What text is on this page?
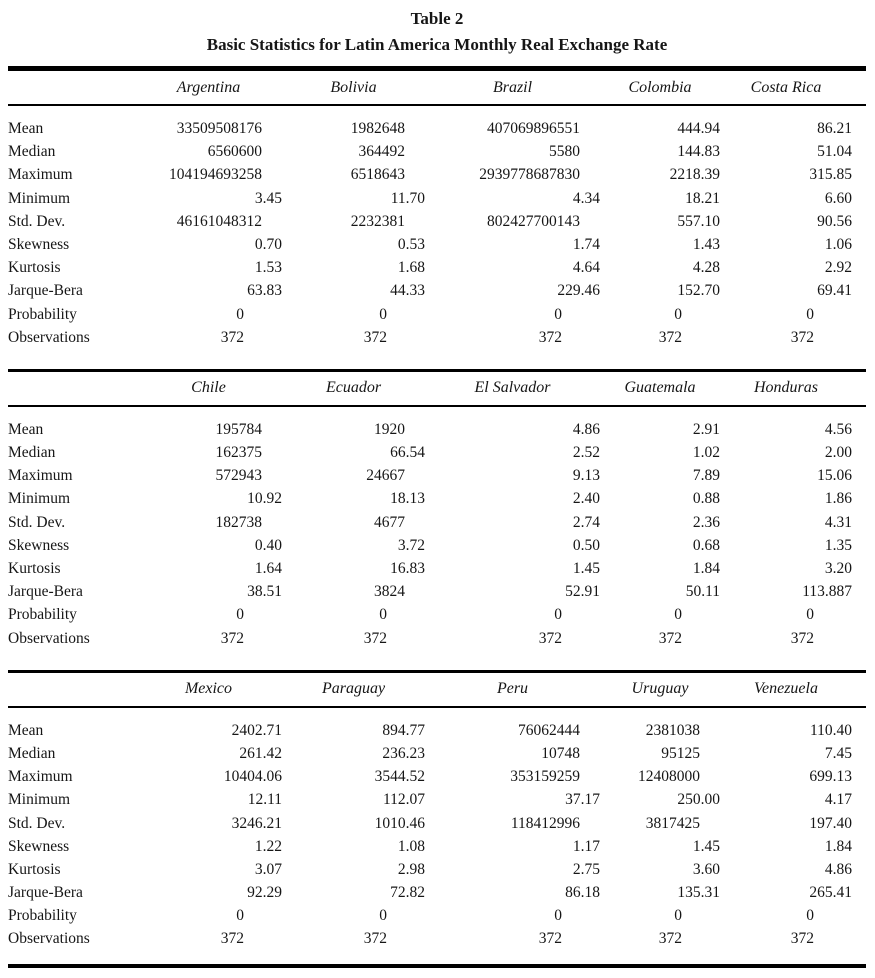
Table 2
Basic Statistics for Latin America Monthly Real Exchange Rate
Argentina	Bolivia	Brazil	Colombia	Costa Rica
Mean	33509508176	1982648	407069896551	444.94	86.21
Median	6560600	364492	5580	144.83	51.04
Maximum	104194693258	6518643	2939778687830	2218.39	315.85
Minimum	3.45	11.70	4.34	18.21	6.60
Std. Dev.	46161048312	2232381	802427700143	557.10	90.56
Skewness	0.70	0.53	1.74	1.43	1.06
Kurtosis	1.53	1.68	4.64	4.28	2.92
Jarque-Bera	63.83	44.33	229.46	152.70	69.41
Probability	0	0	0	0	0
Observations	372	372	372	372	372
Chile	Ecuador	El Salvador	Guatemala	Honduras
Mean	195784	1920	4.86	2.91	4.56
Median	162375	66.54	2.52	1.02	2.00
Maximum	572943	24667	9.13	7.89	15.06
Minimum	10.92	18.13	2.40	0.88	1.86
Std. Dev.	182738	4677	2.74	2.36	4.31
Skewness	0.40	3.72	0.50	0.68	1.35
Kurtosis	1.64	16.83	1.45	1.84	3.20
Jarque-Bera	38.51	3824	52.91	50.11	113.887
Probability	0	0	0	0	0
Observations	372	372	372	372	372
Mexico	Paraguay	Peru	Uruguay	Venezuela
Mean	2402.71	894.77	76062444	2381038	110.40
Median	261.42	236.23	10748	95125	7.45
Maximum	10404.06	3544.52	353159259	12408000	699.13
Minimum	12.11	112.07	37.17	250.00	4.17
Std. Dev.	3246.21	1010.46	118412996	3817425	197.40
Skewness	1.22	1.08	1.17	1.45	1.84
Kurtosis	3.07	2.98	2.75	3.60	4.86
Jarque-Bera	92.29	72.82	86.18	135.31	265.41
Probability	0	0	0	0	0
Observations	372	372	372	372	372
